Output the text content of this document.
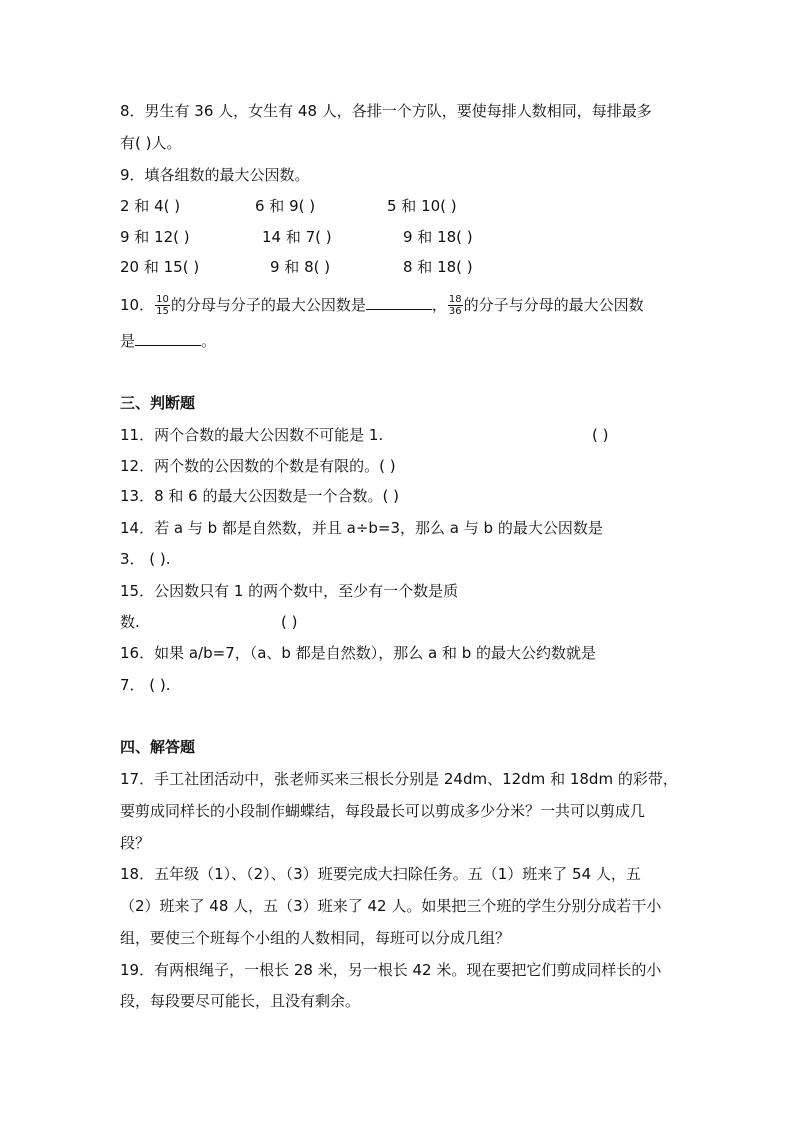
8．男生有 36 人，女生有 48 人，各排一个方队，要使每排人数相同，每排最多
有( )人。
9．填各组数的最大公因数。
2 和 4( )	6 和 9( )	5 和 10( )
9 和 12( )	14 和 7( )	9 和 18( )
20 和 15( )	9 和 8( )	8 和 18( )
10． $\frac{10}{15}$ 的分母与分子的最大公因数是	， $\frac{18}{36}$ 的分子与分母的最大公因数
是	。
三、判断题
11．两个合数的最大公因数不可能是 1.	( )
12．两个数的公因数的个数是有限的。( )
13．8 和 6 的最大公因数是一个合数。( )
14．若 a 与 b 都是自然数，并且 a÷b=3，那么 a 与 b 的最大公因数是
3． ( ).
15．公因数只有 1 的两个数中，至少有一个数是质
数.	( )
16．如果 a/b=7，（a、b 都是自然数），那么 a 和 b 的最大公约数就是
7． ( ).
四、解答题
17．手工社团活动中，张老师买来三根长分别是 24dm、12dm 和 18dm 的彩带，
要剪成同样长的小段制作蝴蝶结，每段最长可以剪成多少分米？一共可以剪成几
段？
18．五年级（1）、（2）、（3）班要完成大扫除任务。五（1）班来了 54 人，五
（2）班来了 48 人，五（3）班来了 42 人。如果把三个班的学生分别分成若干小
组，要使三个班每个小组的人数相同，每班可以分成几组？
19．有两根绳子，一根长 28 米，另一根长 42 米。现在要把它们剪成同样长的小
段，每段要尽可能长，且没有剩余。
